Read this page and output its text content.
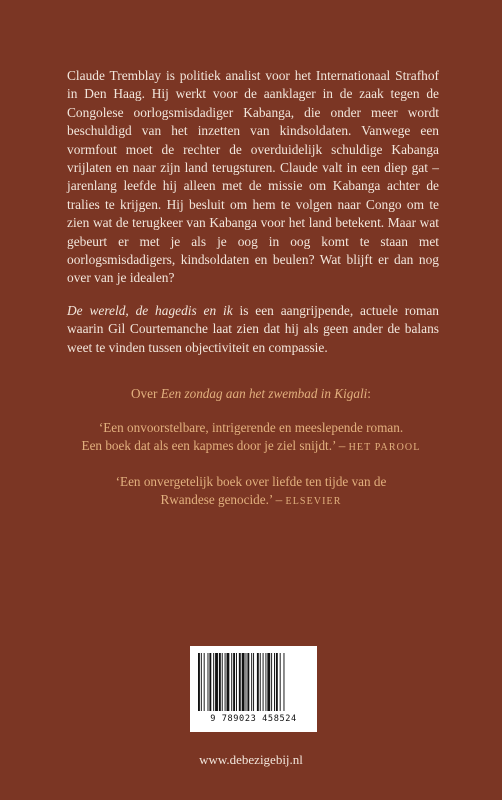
Claude Tremblay is politiek analist voor het Internationaal Strafhof in Den Haag. Hij werkt voor de aanklager in de zaak tegen de Congolese oorlogsmisdadiger Kabanga, die onder meer wordt beschuldigd van het inzetten van kindsoldaten. Vanwege een vormfout moet de rechter de overduidelijk schuldige Kabanga vrijlaten en naar zijn land terugsturen. Claude valt in een diep gat – jarenlang leefde hij alleen met de missie om Kabanga achter de tralies te krijgen. Hij besluit om hem te volgen naar Congo om te zien wat de terugkeer van Kabanga voor het land betekent. Maar wat gebeurt er met je als je oog in oog komt te staan met oorlogsmisdadigers, kindsoldaten en beulen? Wat blijft er dan nog over van je idealen?

De wereld, de hagedis en ik is een aangrijpende, actuele roman waarin Gil Courtemanche laat zien dat hij als geen ander de balans weet te vinden tussen objectiviteit en compassie.

Over Een zondag aan het zwembad in Kigali:
‘Een onvoorstelbare, intrigerende en meeslepende roman.
Een boek dat als een kapmes door je ziel snijdt.’ – HET PAROOL
‘Een onvergetelijk boek over liefde ten tijde van de
Rwandese genocide.’ – ELSEVIER
9 789023 458524
www.debezigebij.nl
